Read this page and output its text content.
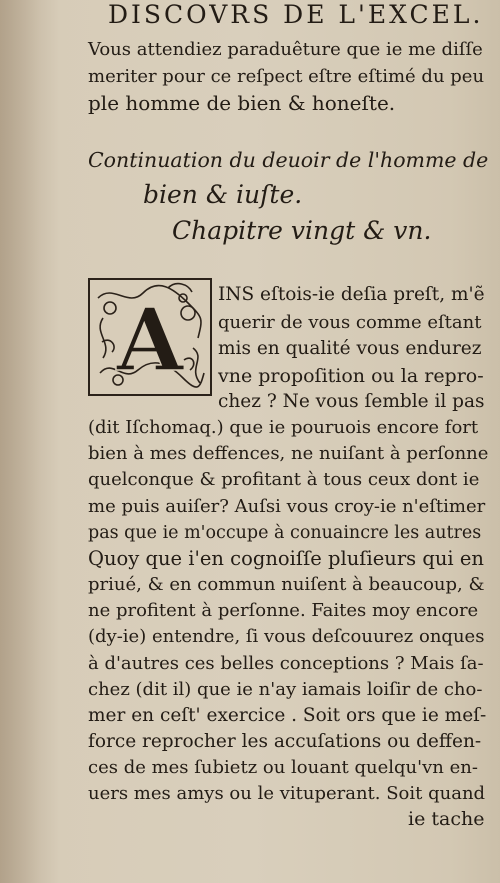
DISCOVRS DE L'EXCEL.
Vous attendiez paraduêture que ie me diſſe
meriter pour ce reſpect eſtre eſtimé du peu
ple homme de bien & honeſte.
Continuation du deuoir de l'homme de
bien & iuſte.
Chapitre vingt & vn.
A INS eſtois-ie deſia preſt, m'ẽ
querir de vous comme eſtant
mis en qualité vous endurez
vne propoſition ou la repro-
chez ? Ne vous ſemble il pas
(dit Iſchomaq.) que ie pouruois encore fort
bien à mes deffences, ne nuiſant à perſonne
quelconque & profitant à tous ceux dont ie
me puis auiſer? Auſsi vous croy-ie n'eſtimer
pas que ie m'occupe à conuaincre les autres
Quoy que i'en cognoiſſe pluſieurs qui en
priué, & en commun nuiſent à beaucoup, &
ne profitent à perſonne. Faites moy encore
(dy-ie) entendre, ſi vous deſcouurez onques
à d'autres ces belles conceptions ? Mais ſa-
chez (dit il) que ie n'ay iamais loiſir de cho-
mer en ceſt' exercice . Soit ors que ie meſ-
force reprocher les accuſations ou deffen-
ces de mes ſubietz ou louant quelqu'vn en-
uers mes amys ou le vituperant. Soit quand
ie tache
